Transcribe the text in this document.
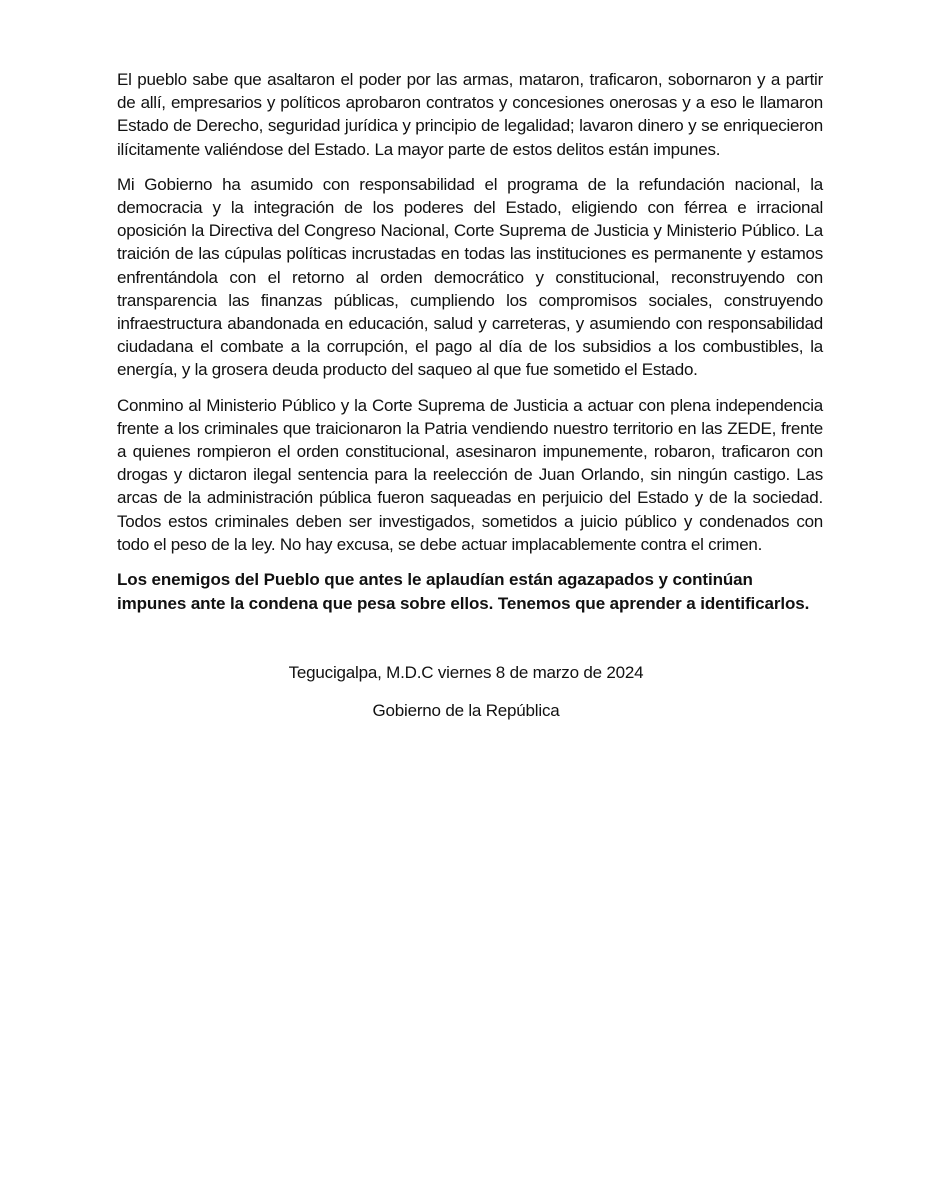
El pueblo sabe que asaltaron el poder por las armas, mataron, traficaron, sobornaron y a partir de allí, empresarios y políticos aprobaron contratos y concesiones onerosas y a eso le llamaron Estado de Derecho, seguridad jurídica y principio de legalidad; lavaron dinero y se enriquecieron ilícitamente valiéndose del Estado. La mayor parte de estos delitos están impunes.

Mi Gobierno ha asumido con responsabilidad el programa de la refundación nacional, la democracia y la integración de los poderes del Estado, eligiendo con férrea e irracional oposición la Directiva del Congreso Nacional, Corte Suprema de Justicia y Ministerio Público. La traición de las cúpulas políticas incrustadas en todas las instituciones es permanente y estamos enfrentándola con el retorno al orden democrático y constitucional, reconstruyendo con transparencia las finanzas públicas, cumpliendo los compromisos sociales, construyendo infraestructura abandonada en educación, salud y carreteras, y asumiendo con responsabilidad ciudadana el combate a la corrupción, el pago al día de los subsidios a los combustibles, la energía, y la grosera deuda producto del saqueo al que fue sometido el Estado.

Conmino al Ministerio Público y la Corte Suprema de Justicia a actuar con plena independencia frente a los criminales que traicionaron la Patria vendiendo nuestro territorio en las ZEDE, frente a quienes rompieron el orden constitucional, asesinaron impunemente, robaron, traficaron con drogas y dictaron ilegal sentencia para la reelección de Juan Orlando, sin ningún castigo. Las arcas de la administración pública fueron saqueadas en perjuicio del Estado y de la sociedad. Todos estos criminales deben ser investigados, sometidos a juicio público y condenados con todo el peso de la ley. No hay excusa, se debe actuar implacablemente contra el crimen.

Los enemigos del Pueblo que antes le aplaudían están agazapados y continúan impunes ante la condena que pesa sobre ellos. Tenemos que aprender a identificarlos.

Tegucigalpa, M.D.C viernes 8 de marzo de 2024
Gobierno de la República
